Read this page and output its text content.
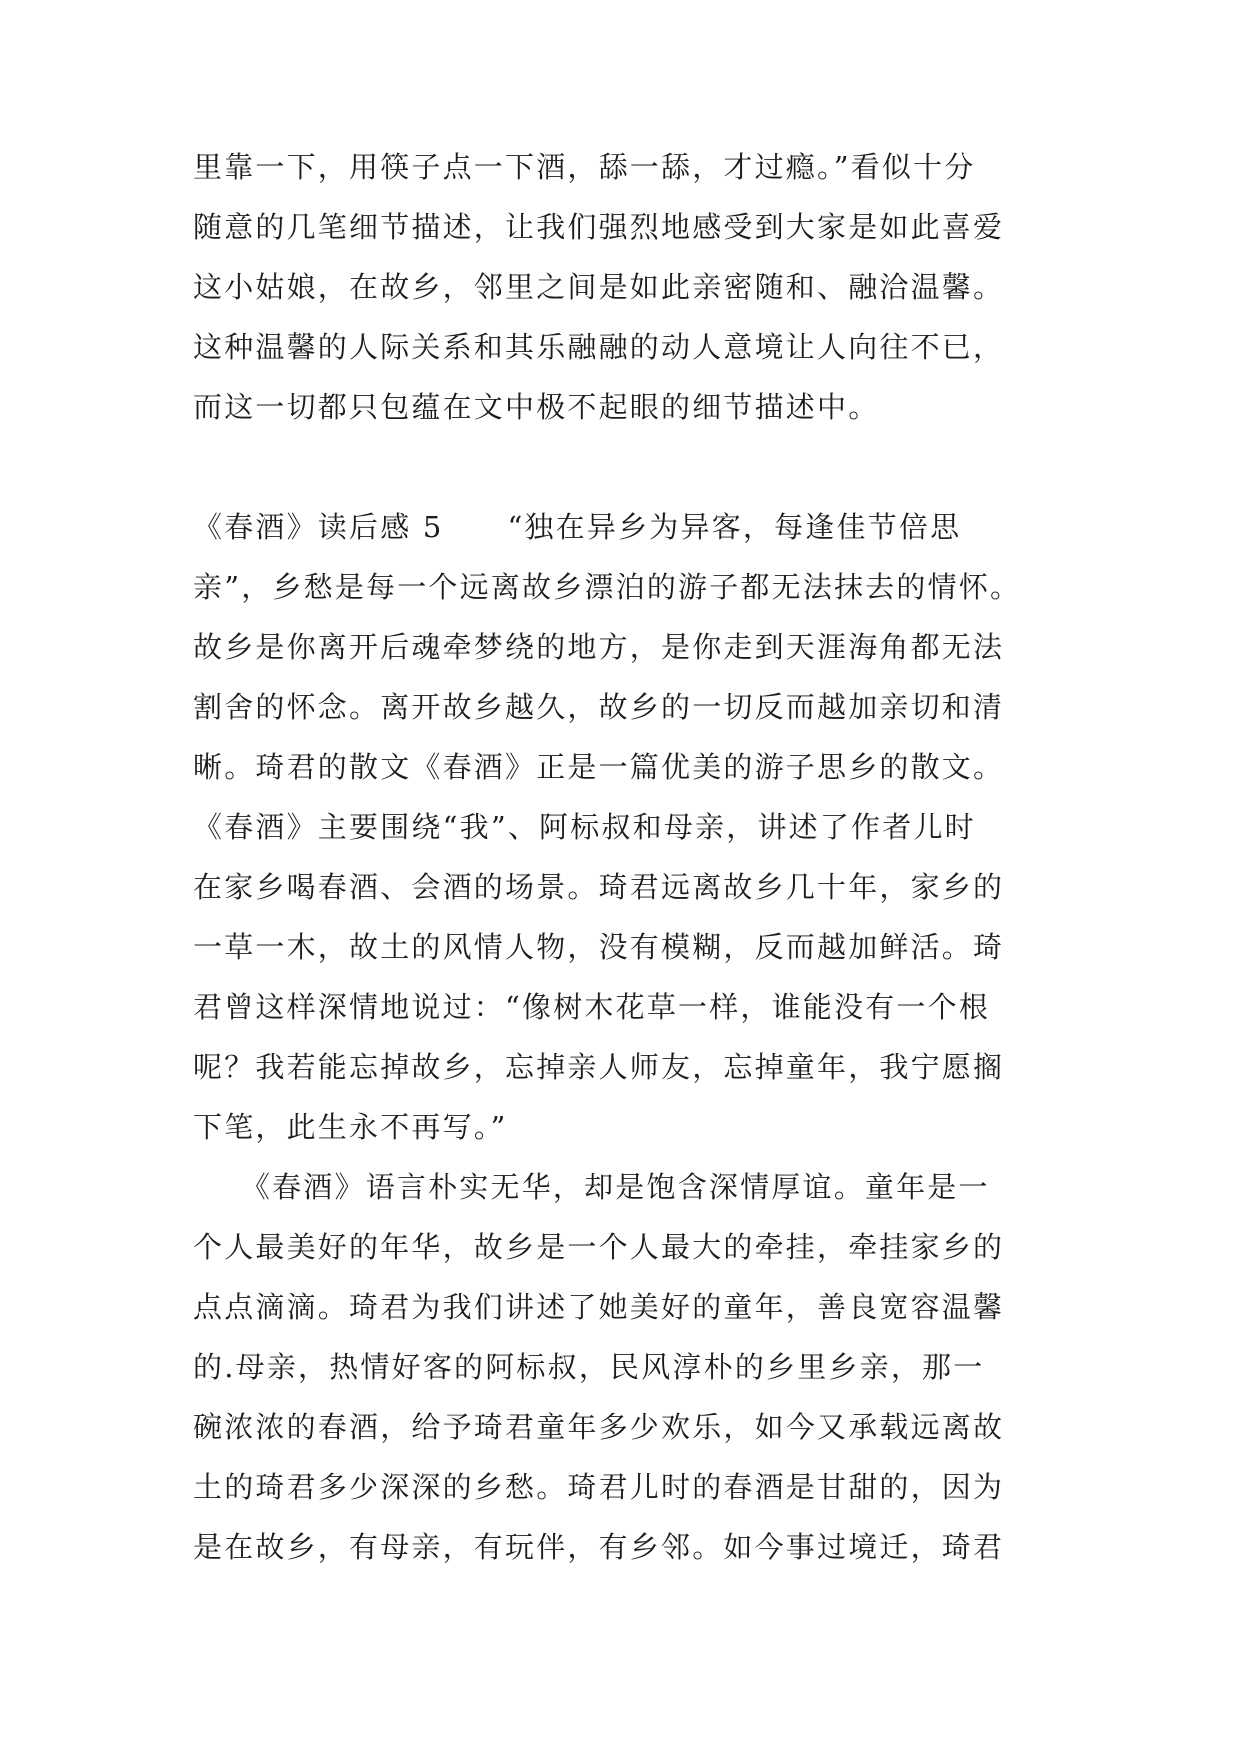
里靠一下，用筷子点一下酒，舔一舔，才过瘾。”看似十分
随意的几笔细节描述，让我们强烈地感受到大家是如此喜爱
这小姑娘，在故乡，邻里之间是如此亲密随和、融洽温馨。
这种温馨的人际关系和其乐融融的动人意境让人向往不已，
而这一切都只包蕴在文中极不起眼的细节描述中。
《春酒》读后感 5 “独在异乡为异客，每逢佳节倍思
亲”，乡愁是每一个远离故乡漂泊的游子都无法抹去的情怀。
故乡是你离开后魂牵梦绕的地方，是你走到天涯海角都无法
割舍的怀念。离开故乡越久，故乡的一切反而越加亲切和清
晰。琦君的散文《春酒》正是一篇优美的游子思乡的散文。
《春酒》主要围绕“我”、阿标叔和母亲，讲述了作者儿时
在家乡喝春酒、会酒的场景。琦君远离故乡几十年，家乡的
一草一木，故土的风情人物，没有模糊，反而越加鲜活。琦
君曾这样深情地说过：“像树木花草一样，谁能没有一个根
呢？我若能忘掉故乡，忘掉亲人师友，忘掉童年，我宁愿搁
下笔，此生永不再写。”
　　《春酒》语言朴实无华，却是饱含深情厚谊。童年是一
个人最美好的年华，故乡是一个人最大的牵挂，牵挂家乡的
点点滴滴。琦君为我们讲述了她美好的童年，善良宽容温馨
的.母亲，热情好客的阿标叔，民风淳朴的乡里乡亲，那一
碗浓浓的春酒，给予琦君童年多少欢乐，如今又承载远离故
土的琦君多少深深的乡愁。琦君儿时的春酒是甘甜的，因为
是在故乡，有母亲，有玩伴，有乡邻。如今事过境迁，琦君
